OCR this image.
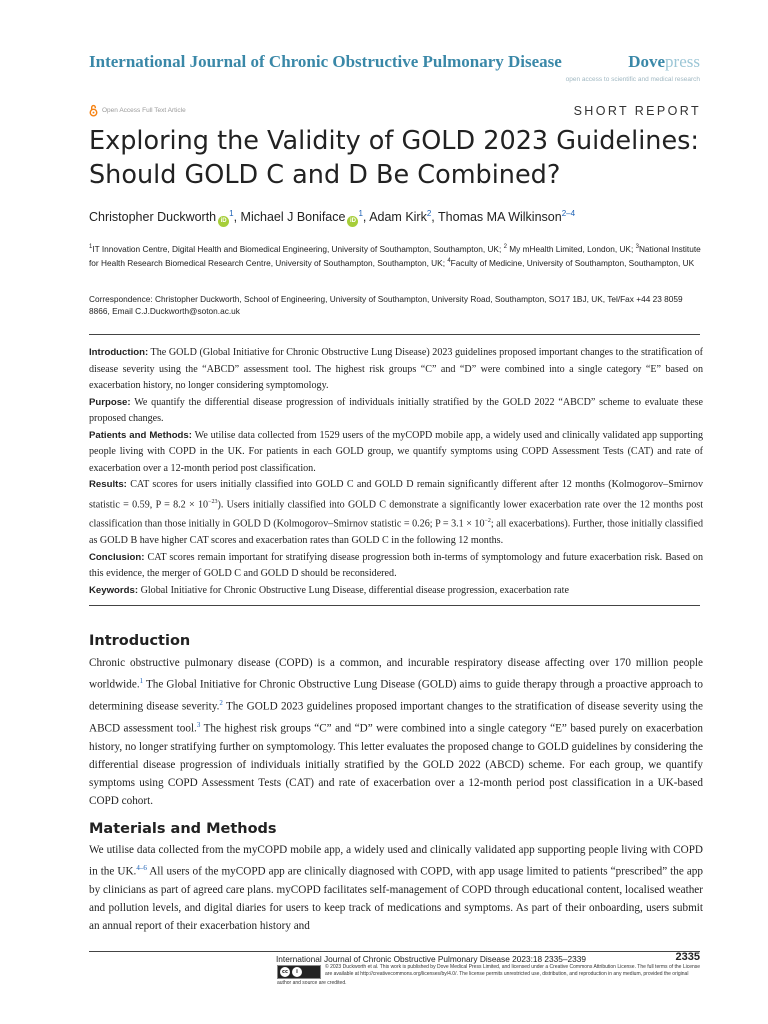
International Journal of Chronic Obstructive Pulmonary Disease	Dovepress
open access to scientific and medical research
Open Access Full Text Article	SHORT REPORT
Exploring the Validity of GOLD 2023 Guidelines: Should GOLD C and D Be Combined?
Christopher Duckworth $iD^1$, Michael J Boniface $iD^1$, Adam Kirk$^2$, Thomas MA Wilkinson$^{2-4}$
$^1$IT Innovation Centre, Digital Health and Biomedical Engineering, University of Southampton, Southampton, UK; $^2$ My mHealth Limited, London, UK; $^3$National Institute for Health Research Biomedical Research Centre, University of Southampton, Southampton, UK; $^4$Faculty of Medicine, University of Southampton, Southampton, UK
Correspondence: Christopher Duckworth, School of Engineering, University of Southampton, University Road, Southampton, SO17 1BJ, UK, Tel/Fax +44 23 8059 8866, Email C.J.Duckworth@soton.ac.uk

Introduction: The GOLD (Global Initiative for Chronic Obstructive Lung Disease) 2023 guidelines proposed important changes to the stratification of disease severity using the “ABCD” assessment tool. The highest risk groups “C” and “D” were combined into a single category “E” based on exacerbation history, no longer considering symptomology.

Purpose: We quantify the differential disease progression of individuals initially stratified by the GOLD 2022 “ABCD” scheme to evaluate these proposed changes.

Patients and Methods: We utilise data collected from 1529 users of the myCOPD mobile app, a widely used and clinically validated app supporting people living with COPD in the UK. For patients in each GOLD group, we quantify symptoms using COPD Assessment Tests (CAT) and rate of exacerbation over a 12-month period post classification.

Results: CAT scores for users initially classified into GOLD C and GOLD D remain significantly different after 12 months (Kolmogorov–Smirnov statistic = 0.59, $P = 8.2 \times 10^{-23}$). Users initially classified into GOLD C demonstrate a significantly lower exacerbation rate over the 12 months post classification than those initially in GOLD D (Kolmogorov–Smirnov statistic = 0.26; $P = 3.1 \times 10^{-2}$; all exacerbations). Further, those initially classified as GOLD B have higher CAT scores and exacerbation rates than GOLD C in the following 12 months.

Conclusion: CAT scores remain important for stratifying disease progression both in-terms of symptomology and future exacerbation risk. Based on this evidence, the merger of GOLD C and GOLD D should be reconsidered.

Keywords: Global Initiative for Chronic Obstructive Lung Disease, differential disease progression, exacerbation rate

Introduction

Chronic obstructive pulmonary disease (COPD) is a common, and incurable respiratory disease affecting over 170 million people worldwide.$^1$ The Global Initiative for Chronic Obstructive Lung Disease (GOLD) aims to guide therapy through a proactive approach to determining disease severity.$^2$ The GOLD 2023 guidelines proposed important changes to the stratification of disease severity using the ABCD assessment tool.$^3$ The highest risk groups “C” and “D” were combined into a single category “E” based purely on exacerbation history, no longer stratifying further on symptomology. This letter evaluates the proposed change to GOLD guidelines by considering the differential disease progression of individuals initially stratified by the GOLD 2022 (ABCD) scheme. For each group, we quantify symptoms using COPD Assessment Tests (CAT) and rate of exacerbation over a 12-month period post classification in a UK-based COPD cohort.

Materials and Methods

We utilise data collected from the myCOPD mobile app, a widely used and clinically validated app supporting people living with COPD in the UK.$^{4-6}$ All users of the myCOPD app are clinically diagnosed with COPD, with app usage limited to patients “prescribed” the app by clinicians as part of agreed care plans. myCOPD facilitates self-management of COPD through educational content, localised weather and pollution levels, and digital diaries for users to keep track of medications and symptoms. As part of their onboarding, users submit an annual report of their exacerbation history and

International Journal of Chronic Obstructive Pulmonary Disease 2023:18 2335–2339	2335
cc	i
© 2023 Duckworth et al. This work is published by Dove Medical Press Limited, and licensed under a Creative Commons Attribution License. The full terms of the License are available at http://creativecommons.org/licenses/by/4.0/. The license permits unrestricted use, distribution, and reproduction in any medium, provided the original
author and source are credited.
